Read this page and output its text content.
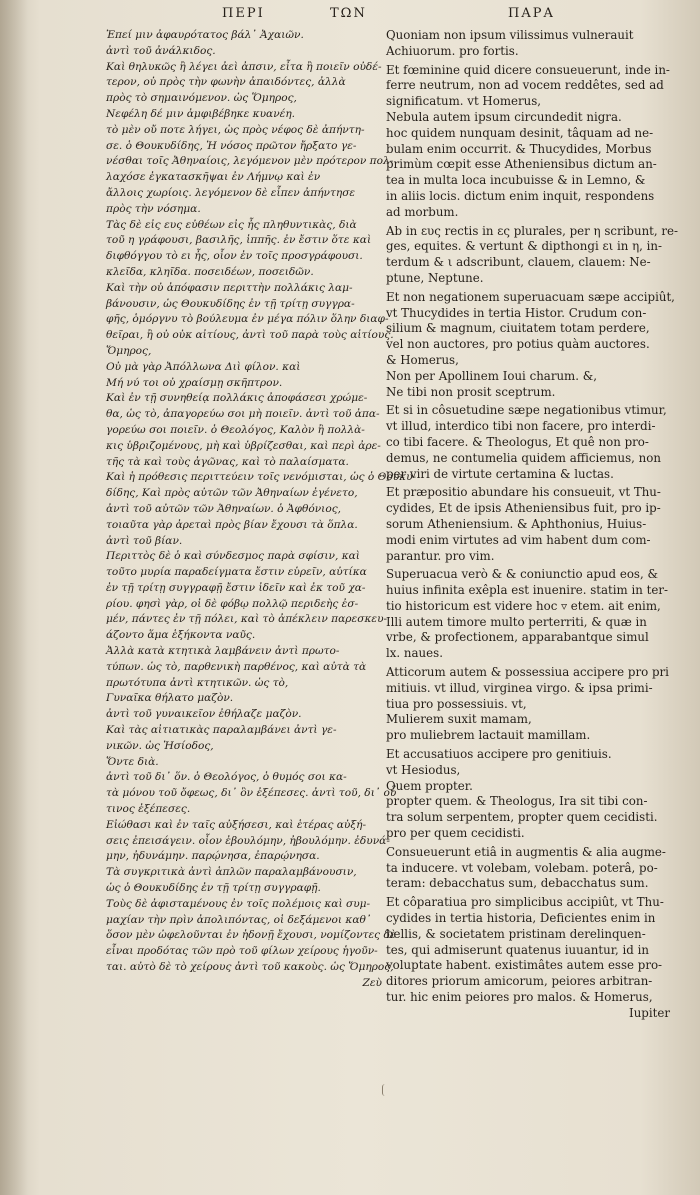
ΠΕΡΙ	ΤΩΝ	ΠΑΡΑ
Ἐπεί μιν ἀφαυρότατος βάλ᾽ Ἀχαιῶν.
ἀντὶ τοῦ ἀνάλκιδος.
Καὶ θηλυκῶς ἢ λέγει ἀεὶ ἀπσιν, εἶτα ἢ ποιεῖν οὐδέ-
τερον, οὐ πρὸς τὴν φωνὴν ἀπαιδόντες, ἀλλὰ
πρὸς τὸ σημαινόμενον. ὡς Ὅμηρος,
Νεφέλη δέ μιν ἀμφιβέβηκε κυανέη.
τὸ μὲν οὔ ποτε λήγει, ὡς πρὸς νέφος δὲ ἀπήντη-
σε. ὁ Θουκυδίδης, Ἡ νόσος πρῶτον ἤρξατο γε-
νέσθαι τοῖς Ἀθηναίοις, λεγόμενον μὲν πρότερον πολ-
λαχόσε ἐγκατασκῆψαι ἐν Λήμνῳ καὶ ἐν
ἄλλοις χωρίοις. λεγόμενον δὲ εἶπεν ἀπήντησε
πρὸς τὴν νόσημα.
Τὰς δὲ εἰς ευς εὐθέων εἰς ἦς πληθυντικὰς, διὰ
τοῦ η γράφουσι, βασιλῆς, ἱππῆς. ἐν ἔστιν ὅτε καὶ
διφθόγγου τὸ ει ἦς, οἷον ἐν τοῖς προσγράφουσι.
κλεῖδα, κληῖδα. ποσειδέων, ποσειδῶν.
Καὶ τὴν οὐ ἀπόφασιν περιττὴν πολλάκις λαμ-
βάνουσιν, ὡς Θουκυδίδης ἐν τῇ τρίτῃ συγγρα-
φῆς, ὁμόργνυ τὸ βούλευμα ἐν μέγα πόλιν ὅλην διαφ-
θεῖραι, ἢ οὐ οὐκ αἰτίους, ἀντὶ τοῦ παρὰ τοὺς αἰτίους.
Ὅμηρος,
Οὐ μὰ γὰρ Ἀπόλλωνα Διὶ φίλον. καὶ
Μή νύ τοι οὐ χραίσμῃ σκῆπτρον.
Καὶ ἐν τῇ συνηθείᾳ πολλάκις ἀποφάσεσι χρώμε-
θα, ὡς τὸ, ἀπαγορεύω σοι μὴ ποιεῖν. ἀντὶ τοῦ ἀπα-
γορεύω σοι ποιεῖν. ὁ Θεολόγος, Καλὸν ἢ πολλὰ-
κις ὑβριζομένους, μὴ καὶ ὑβρίζεσθαι, καὶ περὶ ἀρε-
τῆς τὰ καὶ τοὺς ἀγῶνας, καὶ τὸ παλαίσματα.
Καὶ ἡ πρόθεσις περιττεύειν τοῖς νενόμισται, ὡς ὁ Θουκυ-
δίδης, Καὶ πρὸς αὐτῶν τῶν Ἀθηναίων ἐγένετο,
ἀντὶ τοῦ αὐτῶν τῶν Ἀθηναίων. ὁ Ἀφθόνιος,
τοιαῦτα γὰρ ἀρεταὶ πρὸς βίαν ἔχουσι τὰ ὅπλα.
ἀντὶ τοῦ βίαν.
Περιττὸς δὲ ὁ καὶ σύνδεσμος παρὰ σφίσιν, καὶ
τοῦτο μυρία παραδείγματα ἔστιν εὑρεῖν, αὐτίκα
ἐν τῇ τρίτῃ συγγραφῇ ἔστιν ἰδεῖν καὶ ἐκ τοῦ χα-
ρίου. φησὶ γὰρ, οἱ δὲ φόβῳ πολλῷ περιδεὴς ἐσ-
μέν, πάντες ἐν τῇ πόλει, καὶ τὸ ἀπέκλειν παρεσκευ-
άζοντο ἅμα ἑξήκοντα ναῦς.
Ἀλλὰ κατὰ κτητικὰ λαμβάνειν ἀντὶ πρωτο-
τύπων. ὡς τὸ, παρθενικὴ παρθένος, καὶ αὐτὰ τὰ
πρωτότυπα ἀντὶ κτητικῶν. ὡς τὸ,
Γυναῖκα θήλατο μαζὸν.
ἀντὶ τοῦ γυναικεῖον ἐθήλαζε μαζὸν.
Καὶ τὰς αἰτιατικὰς παραλαμβάνει ἀντὶ γε-
νικῶν. ὡς Ἡσίοδος,
Ὅντε διὰ.
ἀντὶ τοῦ δι᾽ ὅν. ὁ Θεολόγος, ὁ θυμός σοι κα-
τὰ μόνου τοῦ ὄφεως, δι᾽ ὃν ἐξέπεσες. ἀντὶ τοῦ, δι᾽ οὗ
τινος ἐξέπεσες.
Εἰώθασι καὶ ἐν ταῖς αὐξήσεσι, καὶ ἑτέρας αὐξή-
σεις ἐπεισάγειν. οἷον ἐβουλόμην, ἠβουλόμην. ἐδυνά-
μην, ἠδυνάμην. παρῴνησα, ἐπαρῴνησα.
Τὰ συγκριτικὰ ἀντὶ ἁπλῶν παραλαμβάνουσιν,
ὡς ὁ Θουκυδίδης ἐν τῇ τρίτῃ συγγραφῇ.
Τοὺς δὲ ἀφισταμένους ἐν τοῖς πολέμοις καὶ συμ-
μαχίαν τὴν πρὶν ἀπολιπόντας, οἱ δεξάμενοι καθ᾽
ὅσον μὲν ὠφελοῦνται ἐν ἡδονῇ ἔχουσι, νομίζοντες δὲ
εἶναι προδότας τῶν πρὸ τοῦ φίλων χείρους ἡγοῦν-
ται. αὐτὸ δὲ τὸ χείρους ἀντὶ τοῦ κακοὺς. ὡς Ὅμηρος,
Ζεὺ
Quoniam non ipsum vilissimus vulnerauit
Achiuorum. pro fortis.
Et fœminine quid dicere consueuerunt, inde in-
ferre neutrum, non ad vocem reddêtes, sed ad
significatum. vt Homerus,
Nebula autem ipsum circundedit nigra.
hoc quidem nunquam desinit, tâquam ad ne-
bulam enim occurrit. & Thucydides, Morbus
primùm cœpit esse Atheniensibus dictum an-
tea in multa loca incubuisse & in Lemno, &
in aliis locis. dictum enim inquit, respondens
ad morbum.
Ab in ευς rectis in ες plurales, per η scribunt, re-
ges, equites. & vertunt & dipthongi ει in η, in-
terdum & ι adscribunt, clauem, clauem: Ne-
ptune, Neptune.
Et non negationem superuacuam sæpe accipiût,
vt Thucydides in tertia Histor. Crudum con-
silium & magnum, ciuitatem totam perdere,
vel non auctores, pro potius quàm auctores.
& Homerus,
Non per Apollinem Ioui charum. &,
Ne tibi non prosit sceptrum.
Et si in côsuetudine sæpe negationibus vtimur,
vt illud, interdico tibi non facere, pro interdi-
co tibi facere. & Theologus, Et quê non pro-
demus, ne contumelia quidem afficiemus, non
per viri de virtute certamina & luctas.
Et præpositio abundare his consueuit, vt Thu-
cydides, Et de ipsis Atheniensibus fuit, pro ip-
sorum Atheniensium. & Aphthonius, Huius-
modi enim virtutes ad vim habent dum com-
parantur. pro vim.
Superuacua verò & & coniunctio apud eos, &
huius infinita exêpla est inuenire. statim in ter-
tio historicum est videre hoc ▿ etem. ait enim,
Illi autem timore multo perterriti, & quæ in
vrbe, & profectionem, apparabantque simul
lx. naues.
Atticorum autem & possessiua accipere pro pri
mitiuis. vt illud, virginea virgo. & ipsa primi-
tiua pro possessiuis. vt,
Mulierem suxit mamam,
pro muliebrem lactauit mamillam.
Et accusatiuos accipere pro genitiuis.
vt Hesiodus,
Quem propter.
propter quem. & Theologus, Ira sit tibi con-
tra solum serpentem, propter quem cecidisti.
pro per quem cecidisti.
Consueuerunt etiâ in augmentis & alia augme-
ta inducere. vt volebam, volebam. poterâ, po-
teram: debacchatus sum, debacchatus sum.
Et côparatiua pro simplicibus accipiût, vt Thu-
cydides in tertia historia, Deficientes enim in
bellis, & societatem pristinam derelinquen-
tes, qui admiserunt quatenus iuuantur, id in
voluptate habent. existimâtes autem esse pro-
ditores priorum amicorum, peiores arbitran-
tur. hic enim peiores pro malos. & Homerus,
Iupiter
